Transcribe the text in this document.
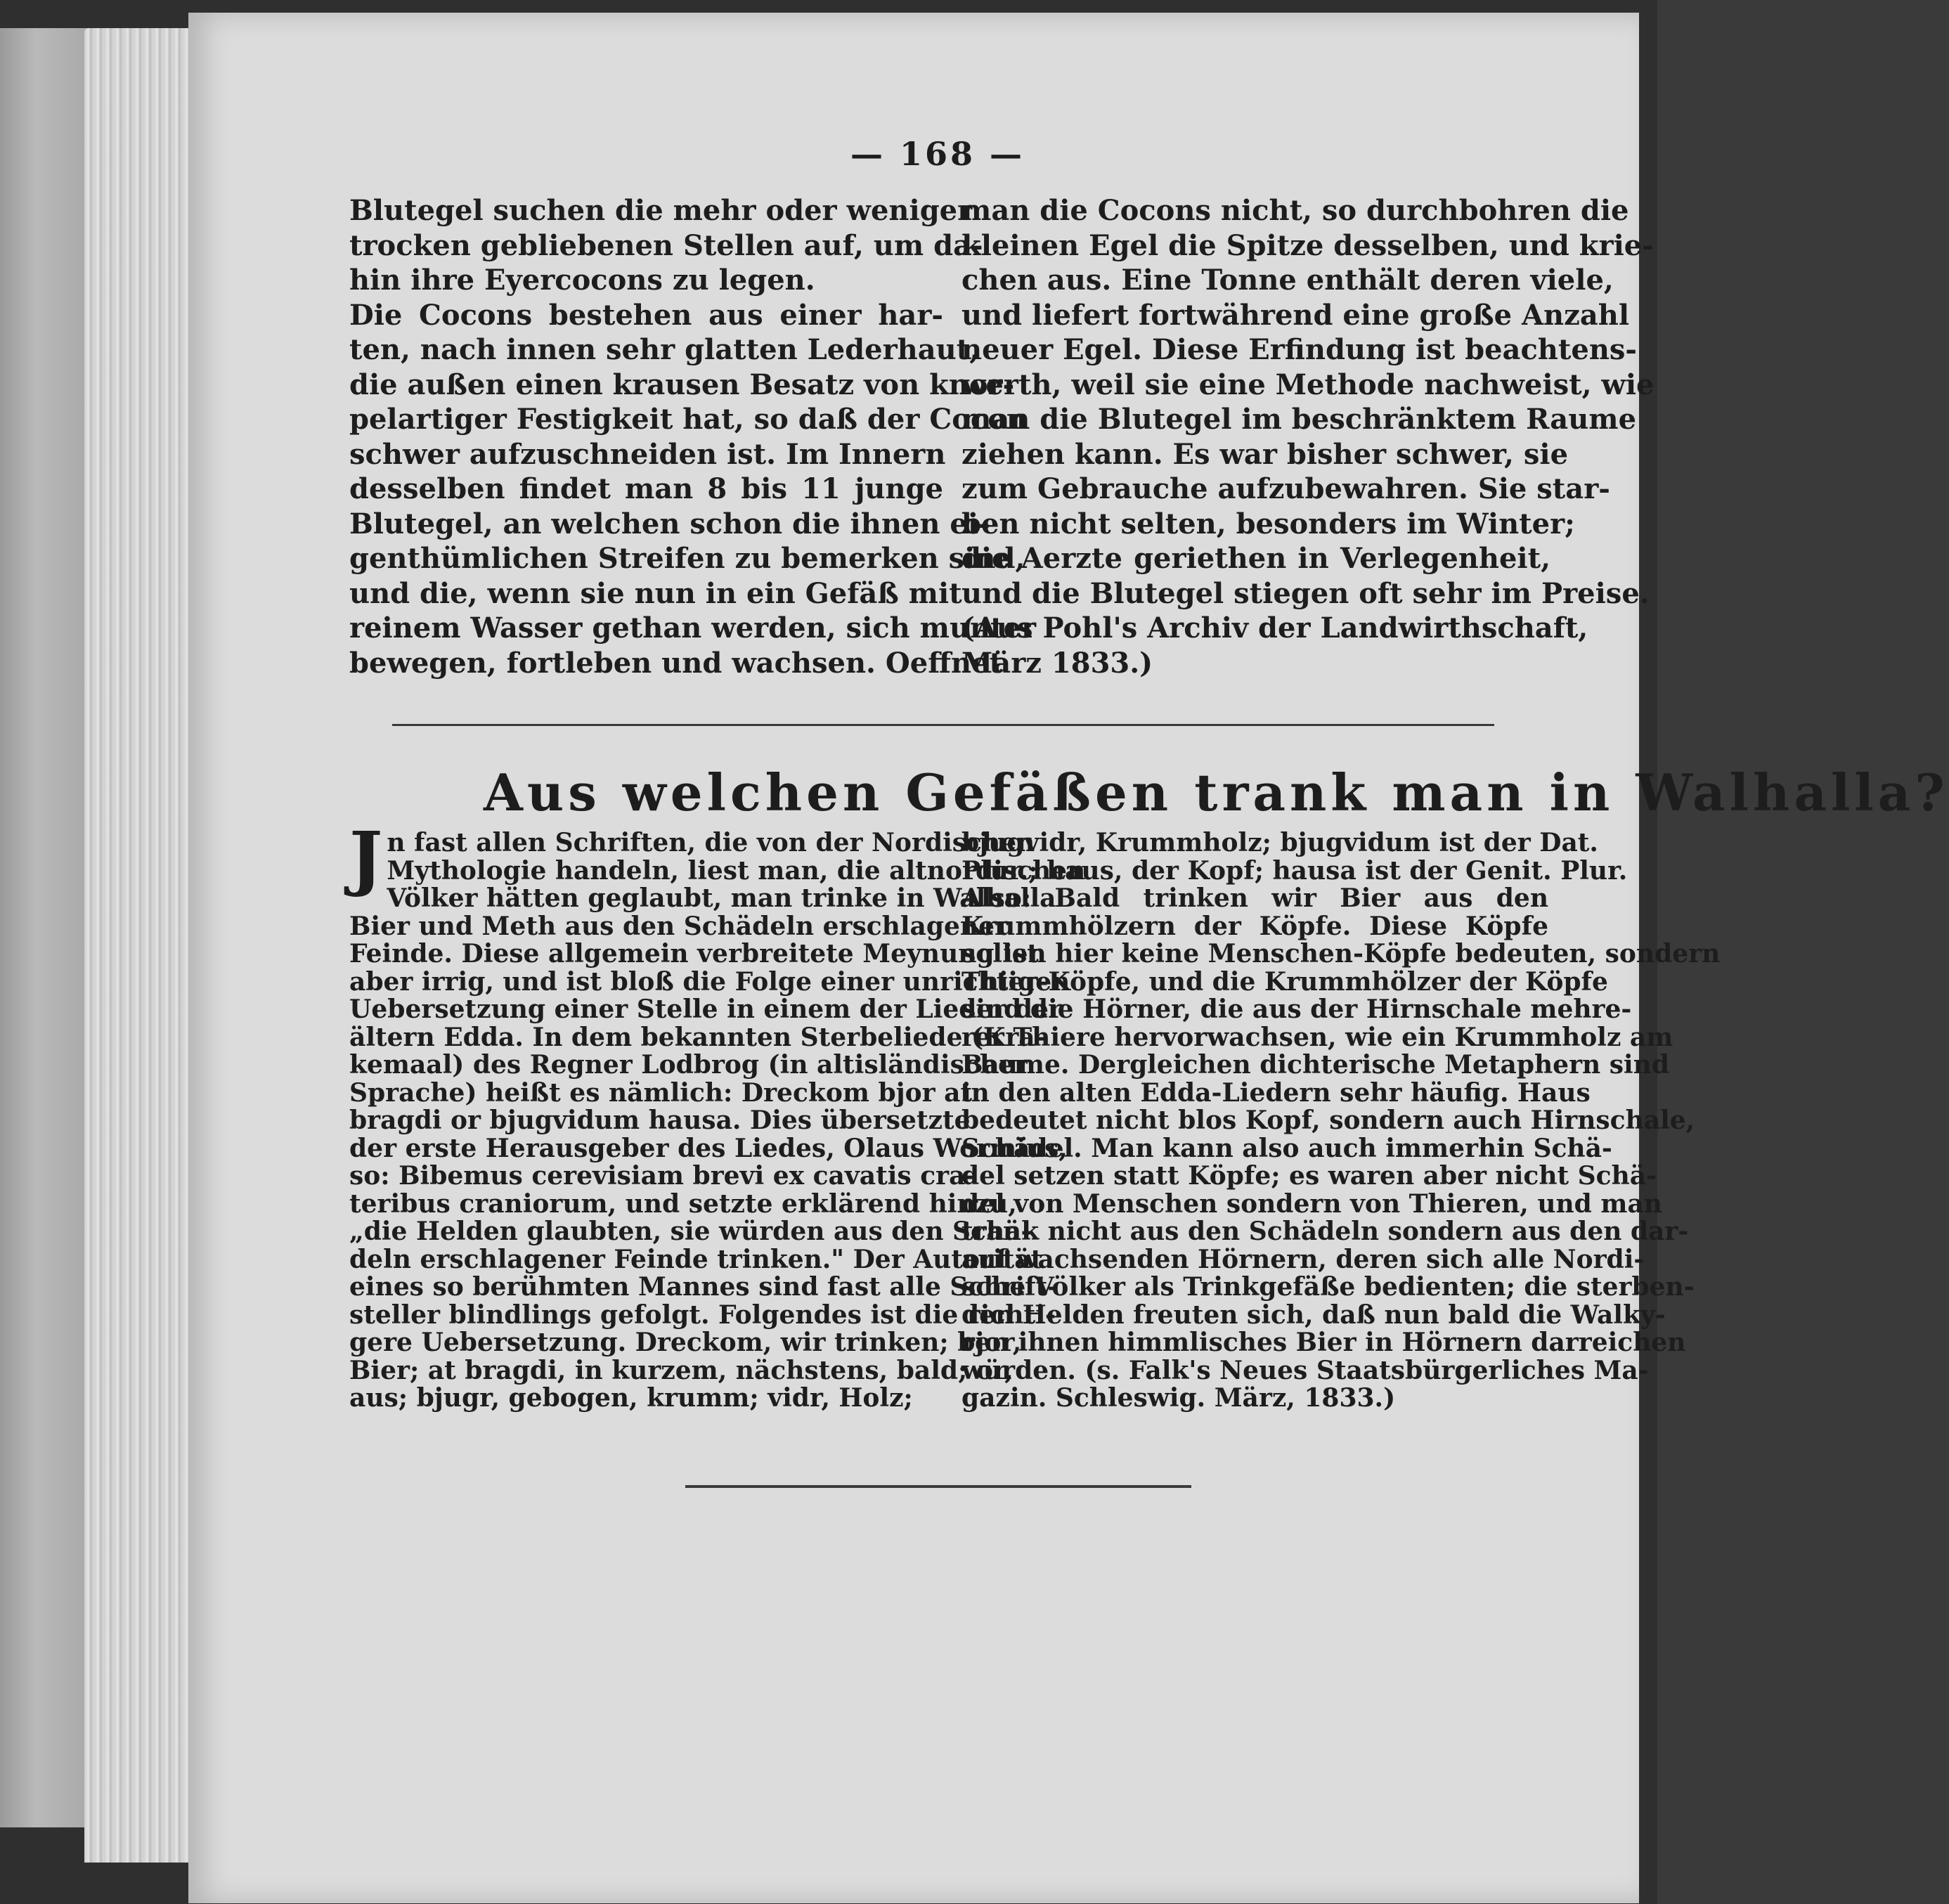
— 168 —
Blutegel suchen die mehr oder weniger
trocken gebliebenen Stellen auf, um da-
hin ihre Eyercocons zu legen.
Die Cocons bestehen aus einer har-
ten, nach innen sehr glatten Lederhaut,
die außen einen krausen Besatz von knor-
pelartiger Festigkeit hat, so daß der Cocon
schwer aufzuschneiden ist. Im Innern
desselben findet man 8 bis 11 junge
Blutegel, an welchen schon die ihnen ei-
genthümlichen Streifen zu bemerken sind,
und die, wenn sie nun in ein Gefäß mit
reinem Wasser gethan werden, sich munter
bewegen, fortleben und wachsen. Oeffnet
man die Cocons nicht, so durchbohren die
kleinen Egel die Spitze desselben, und krie-
chen aus. Eine Tonne enthält deren viele,
und liefert fortwährend eine große Anzahl
neuer Egel. Diese Erfindung ist beachtens-
werth, weil sie eine Methode nachweist, wie
man die Blutegel im beschränktem Raume
ziehen kann. Es war bisher schwer, sie
zum Gebrauche aufzubewahren. Sie star-
ben nicht selten, besonders im Winter;
die Aerzte geriethen in Verlegenheit,
und die Blutegel stiegen oft sehr im Preise.
(Aus Pohl's Archiv der Landwirthschaft,
März 1833.)
Aus welchen Gefäßen trank man in Walhalla?
J n fast allen Schriften, die von der Nordischen
Mythologie handeln, liest man, die altnordischen
Völker hätten geglaubt, man trinke in Walhalla
Bier und Meth aus den Schädeln erschlagener
Feinde. Diese allgemein verbreitete Meynung ist
aber irrig, und ist bloß die Folge einer unrichtigen
Uebersetzung einer Stelle in einem der Lieder der
ältern Edda. In dem bekannten Sterbeliede (Kra-
kemaal) des Regner Lodbrog (in altisländischer
Sprache) heißt es nämlich: Dreckom bjor at
bragdi or bjugvidum hausa. Dies übersetzte
der erste Herausgeber des Liedes, Olaus Wormius,
so: Bibemus cerevisiam brevi ex cavatis cra-
teribus craniorum, und setzte erklärend hinzu,
„die Helden glaubten, sie würden aus den Schä-
deln erschlagener Feinde trinken." Der Autorität
eines so berühmten Mannes sind fast alle Schrift-
steller blindlings gefolgt. Folgendes ist die richti-
gere Uebersetzung. Dreckom, wir trinken; bjor,
Bier; at bragdi, in kurzem, nächstens, bald; or,
aus; bjugr, gebogen, krumm; vidr, Holz;
bjugvidr, Krummholz; bjugvidum ist der Dat.
Plur.; haus, der Kopf; hausa ist der Genit. Plur.
Also: Bald trinken wir Bier aus den
Krummhölzern der Köpfe. Diese Köpfe
sollen hier keine Menschen-Köpfe bedeuten, sondern
Thier-Köpfe, und die Krummhölzer der Köpfe
sind die Hörner, die aus der Hirnschale mehre-
rer Thiere hervorwachsen, wie ein Krummholz am
Baume. Dergleichen dichterische Metaphern sind
in den alten Edda-Liedern sehr häufig. Haus
bedeutet nicht blos Kopf, sondern auch Hirnschale,
Schädel. Man kann also auch immerhin Schä-
del setzen statt Köpfe; es waren aber nicht Schä-
del von Menschen sondern von Thieren, und man
trank nicht aus den Schädeln sondern aus den dar-
auf wachsenden Hörnern, deren sich alle Nordi-
sche Völker als Trinkgefäße bedienten; die sterben-
den Helden freuten sich, daß nun bald die Walky-
ren ihnen himmlisches Bier in Hörnern darreichen
würden. (s. Falk's Neues Staatsbürgerliches Ma-
gazin. Schleswig. März, 1833.)
